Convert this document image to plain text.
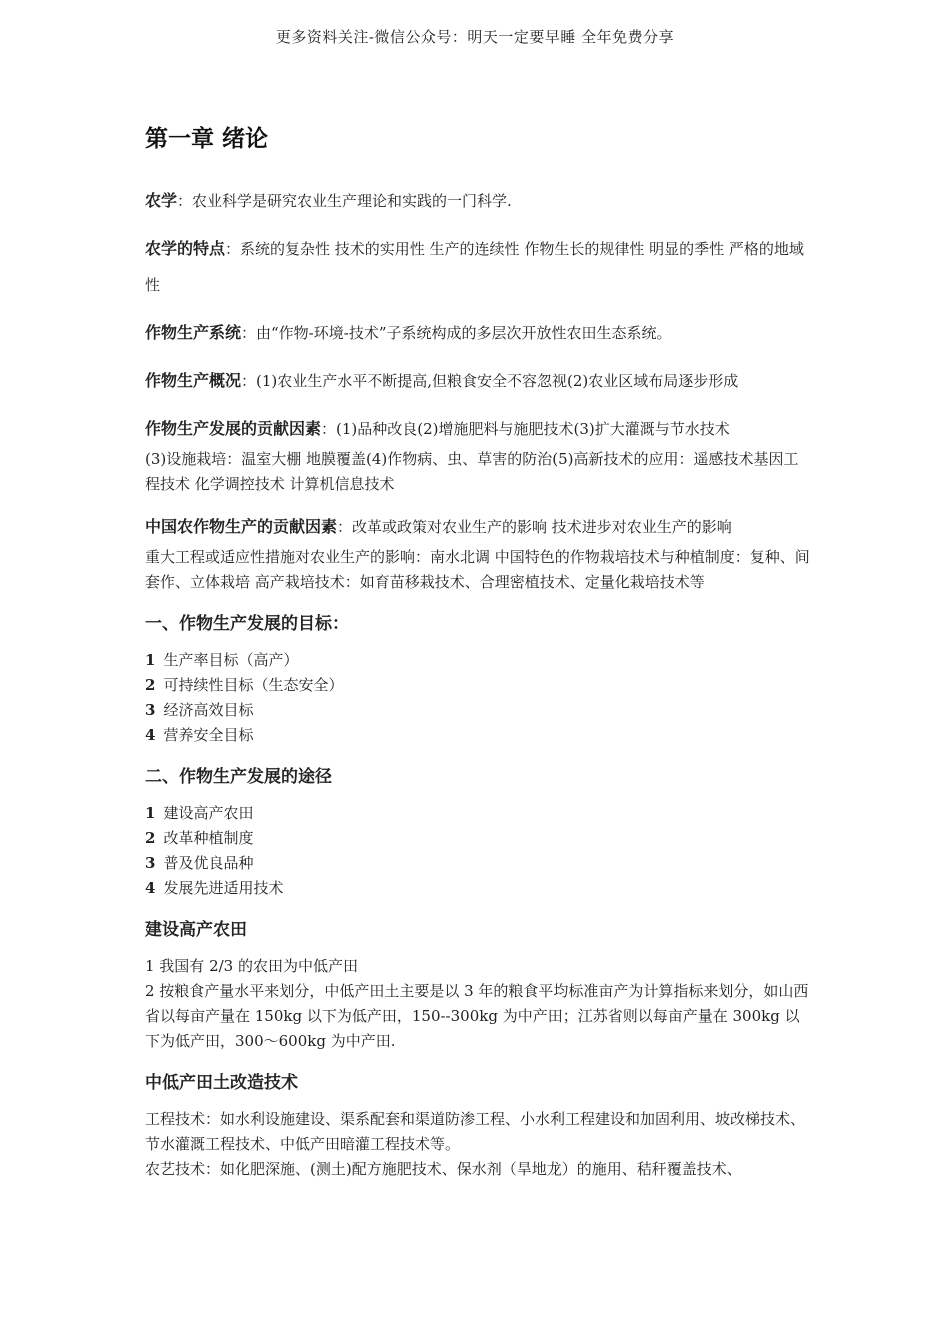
更多资料关注-微信公众号：明天一定要早睡 全年免费分享
第一章 绪论
农学：农业科学是研究农业生产理论和实践的一门科学.
农学的特点：系统的复杂性 技术的实用性 生产的连续性 作物生长的规律性 明显的季性 严格的地域性
作物生产系统：由“作物-环境-技术”子系统构成的多层次开放性农田生态系统。
作物生产概况：(1)农业生产水平不断提高,但粮食安全不容忽视(2)农业区域布局逐步形成
作物生产发展的贡献因素：(1)品种改良(2)增施肥料与施肥技术(3)扩大灌溉与节水技术
(3)设施栽培：温室大棚 地膜覆盖(4)作物病、虫、草害的防治(5)高新技术的应用：遥感技术基因工程技术 化学调控技术 计算机信息技术
中国农作物生产的贡献因素：改革或政策对农业生产的影响 技术进步对农业生产的影响
重大工程或适应性措施对农业生产的影响：南水北调 中国特色的作物栽培技术与种植制度：复种、间套作、立体栽培 高产栽培技术：如育苗移栽技术、合理密植技术、定量化栽培技术等
一、作物生产发展的目标：
1 生产率目标（高产）
2 可持续性目标（生态安全）
3 经济高效目标
4 营养安全目标
二、作物生产发展的途径
1 建设高产农田
2 改革种植制度
3 普及优良品种
4 发展先进适用技术
建设高产农田
1 我国有 2/3 的农田为中低产田
2 按粮食产量水平来划分，中低产田土主要是以 3 年的粮食平均标准亩产为计算指标来划分，如山西省以每亩产量在 150kg 以下为低产田，150--300kg 为中产田；江苏省则以每亩产量在 300kg 以下为低产田，300～600kg 为中产田.
中低产田土改造技术
工程技术：如水利设施建设、渠系配套和渠道防渗工程、小水利工程建设和加固利用、坡改梯技术、节水灌溉工程技术、中低产田暗灌工程技术等。
农艺技术：如化肥深施、(测土)配方施肥技术、保水剂（旱地龙）的施用、秸秆覆盖技术、
